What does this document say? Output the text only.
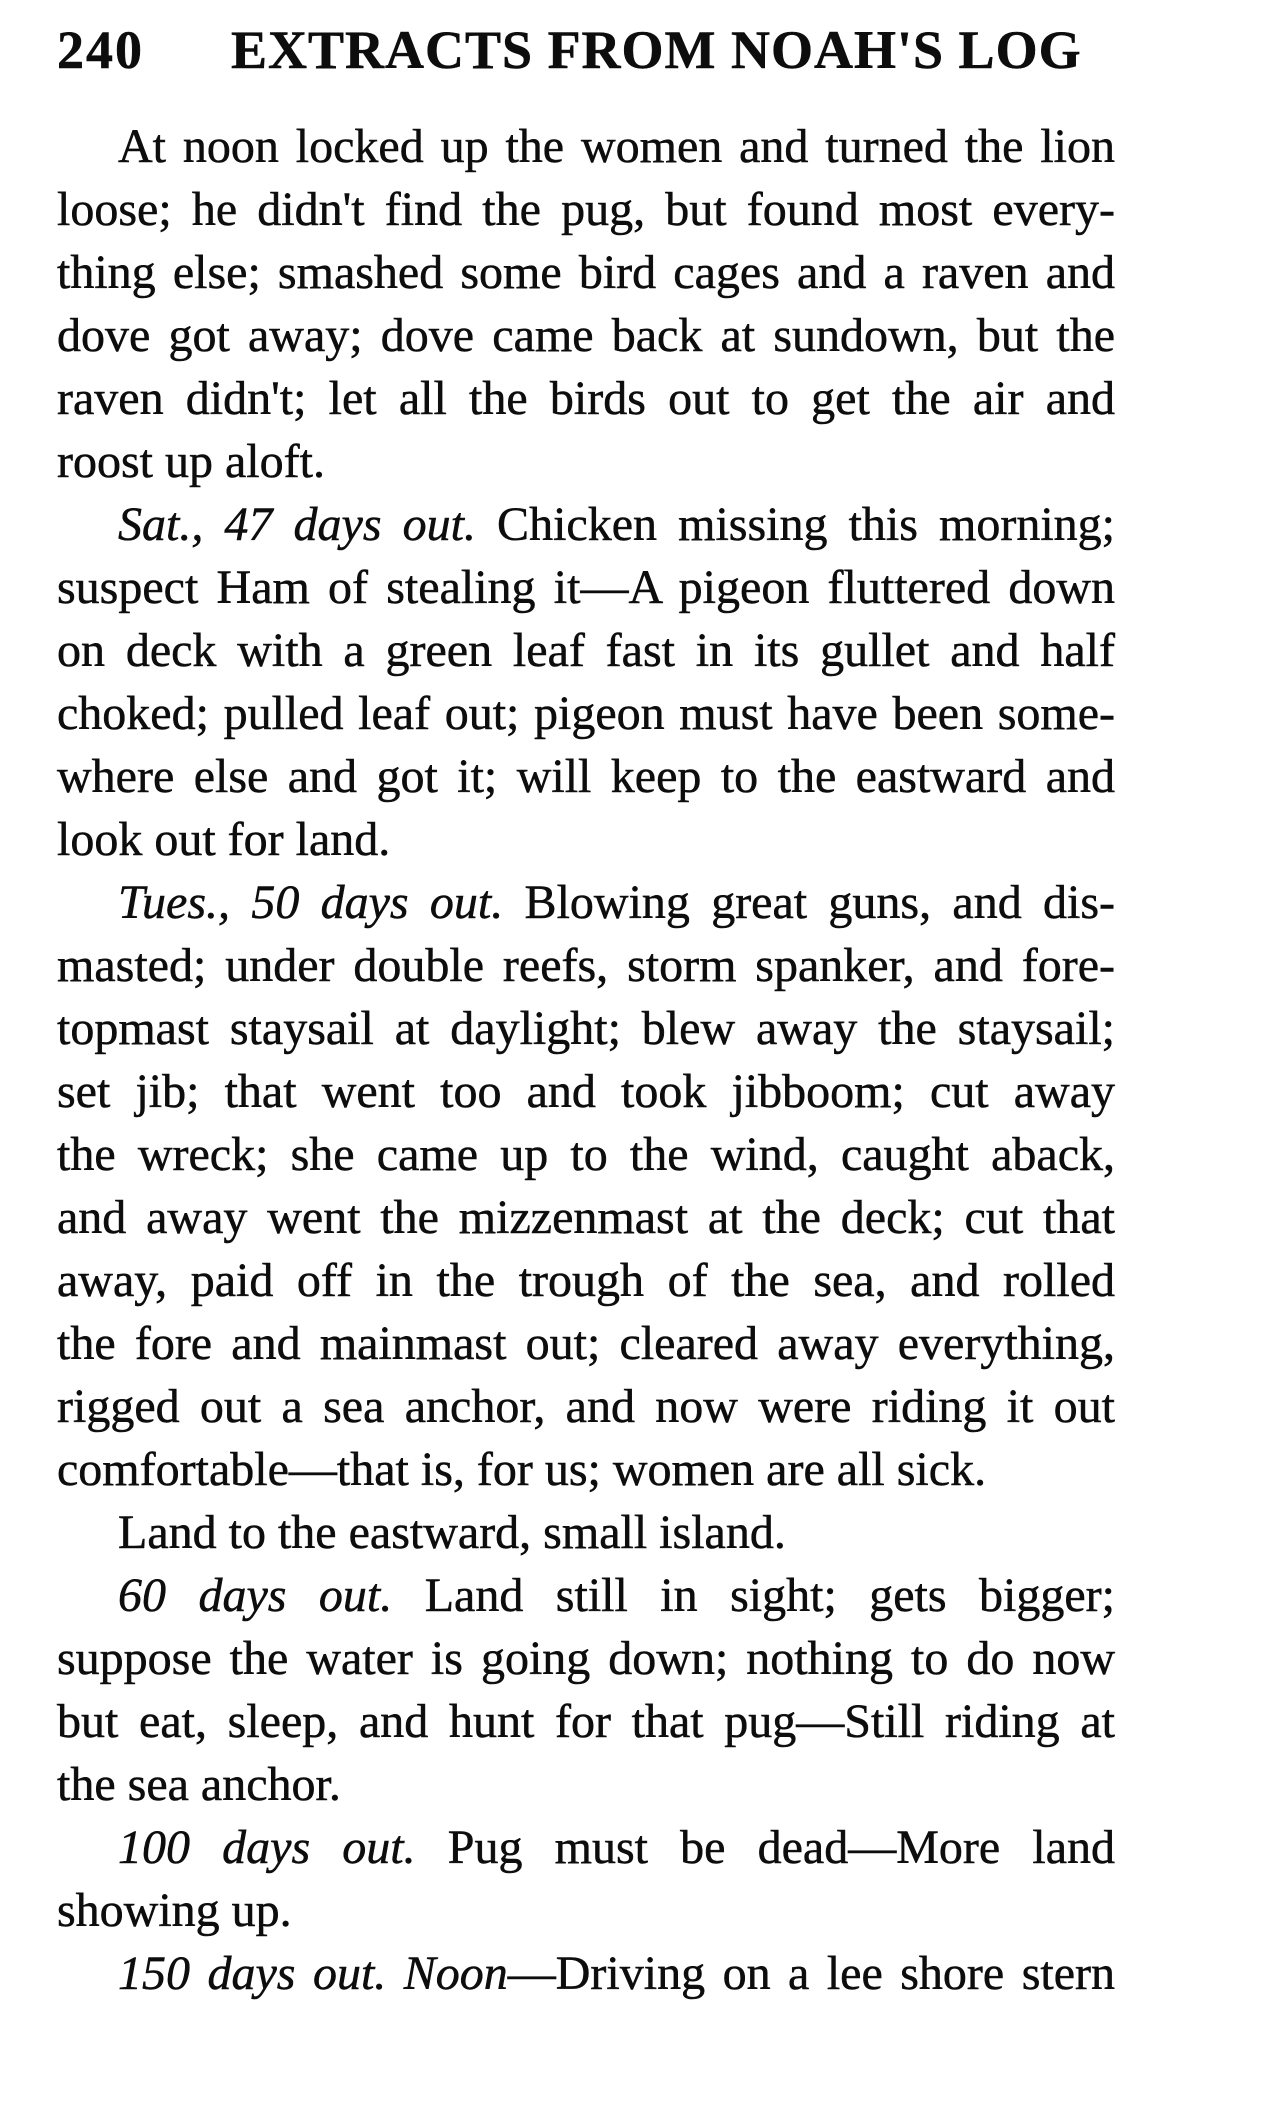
240 EXTRACTS FROM NOAH'S LOG
At noon locked up the women and turned the lion
loose; he didn't find the pug, but found most every-
thing else; smashed some bird cages and a raven and
dove got away; dove came back at sundown, but the
raven didn't; let all the birds out to get the air and
roost up aloft.
Sat., 47 days out. Chicken missing this morning;
suspect Ham of stealing it—A pigeon fluttered down
on deck with a green leaf fast in its gullet and half
choked; pulled leaf out; pigeon must have been some-
where else and got it; will keep to the eastward and
look out for land.
Tues., 50 days out. Blowing great guns, and dis-
masted; under double reefs, storm spanker, and fore-
topmast staysail at daylight; blew away the staysail;
set jib; that went too and took jibboom; cut away
the wreck; she came up to the wind, caught aback,
and away went the mizzenmast at the deck; cut that
away, paid off in the trough of the sea, and rolled
the fore and mainmast out; cleared away everything,
rigged out a sea anchor, and now were riding it out
comfortable—that is, for us; women are all sick.
Land to the eastward, small island.
60 days out. Land still in sight; gets bigger;
suppose the water is going down; nothing to do now
but eat, sleep, and hunt for that pug—Still riding at
the sea anchor.
100 days out. Pug must be dead—More land
showing up.
150 days out. Noon—Driving on a lee shore stern
